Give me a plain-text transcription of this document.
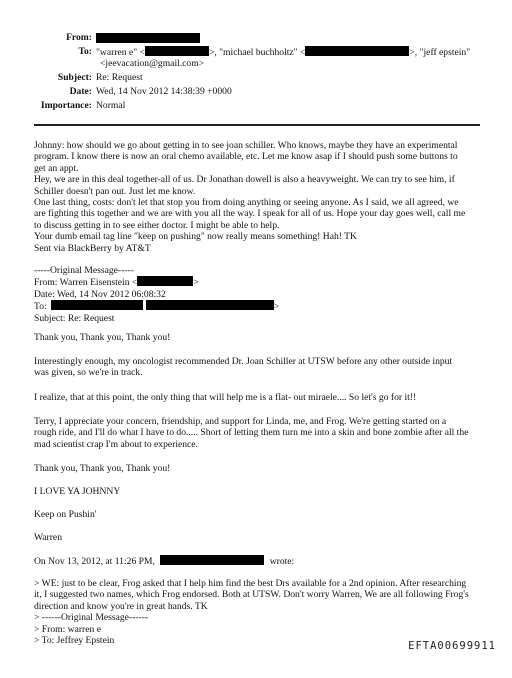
From:
To: "warren e" <	>, "michael buchholtz" <	>, "jeff epstein"
<jeevacation@gmail.com>
Subject: Re: Request
Date: Wed, 14 Nov 2012 14:38:39 +0000
Importance: Normal
Johnny: how should we go about getting in to see joan schiller. Who knows, maybe they have an experimental
program. I know there is now an oral chemo available, etc. Let me know asap if I should push some buttons to
get an appt.
Hey, we are in this deal together-all of us. Dr Jonathan dowell is also a heavyweight. We can try to see him, if
Schiller doesn't pan out. Just let me know.
One last thing, costs: don't let that stop you from doing anything or seeing anyone. As I said, we all agreed, we
are fighting this together and we are with you all the way. I speak for all of us. Hope your day goes well, call me
to discuss getting in to see either doctor. I might be able to help.
Your dumb email tag line "keep on pushing" now really means something! Hah! TK
Sent via BlackBerry by AT&T
-----Original Message-----
From: Warren Eisenstein <	>
Date: Wed, 14 Nov 2012 06:08:32
To:	>
Subject: Re: Request
Thank you, Thank you, Thank you!
Interestingly enough, my oncologist recommended Dr. Joan Schiller at UTSW before any other outside input
was given, so we're in track.
I realize, that at this point, the only thing that will help me is a flat- out miraele.... So let's go for it!!
Terry, I appreciate your concern, friendship, and support for Linda, me, and Frog. We're getting started on a
rough ride, and I'll do what I have to do..... Short of letting them turn me into a skin and bone zombie after all the
mad scientist crap I'm about to experience.
Thank you, Thank you, Thank you!
I LOVE YA JOHNNY
Keep on Pushin'
Warren
On Nov 13, 2012, at 11:26 PM,	wrote:
> WE: just to be clear, Frog asked that I help him find the best Drs available for a 2nd opinion. After researching
it, I suggested two names, which Frog endorsed. Both at UTSW. Don't worry Warren, We are all following Frog's
direction and know you're in great hands. TK
> ------Original Message------
> From: warren e
> To: Jeffrey Epstein	EFTA00699911
